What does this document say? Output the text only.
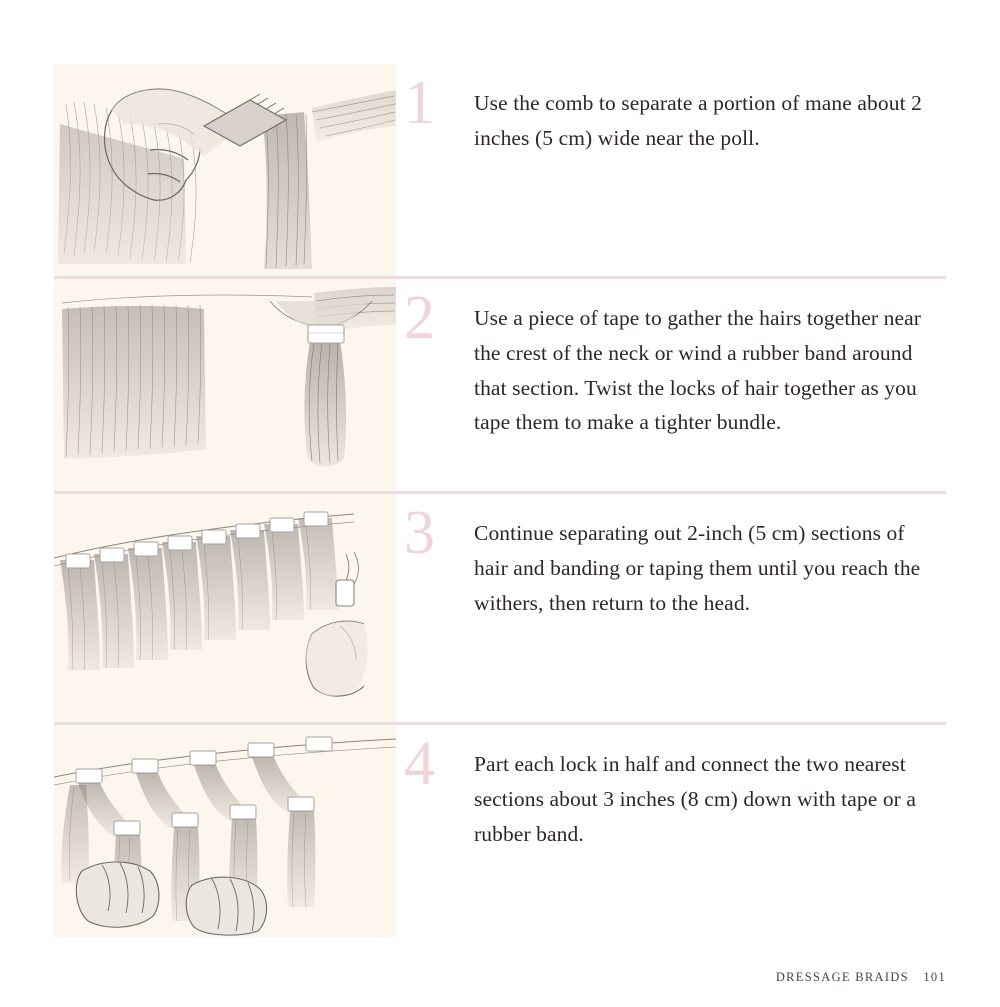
1 Use the comb to separate a portion of mane about 2 inches (5 cm) wide near the poll.
2 Use a piece of tape to gather the hairs together near the crest of the neck or wind a rubber band around that section. Twist the locks of hair together as you tape them to make a tighter bundle.
3 Continue separating out 2-inch (5 cm) sections of hair and banding or taping them until you reach the withers, then return to the head.
4 Part each lock in half and connect the two nearest sections about 3 inches (8 cm) down with tape or a rubber band.
DRESSAGE BRAIDS 101
